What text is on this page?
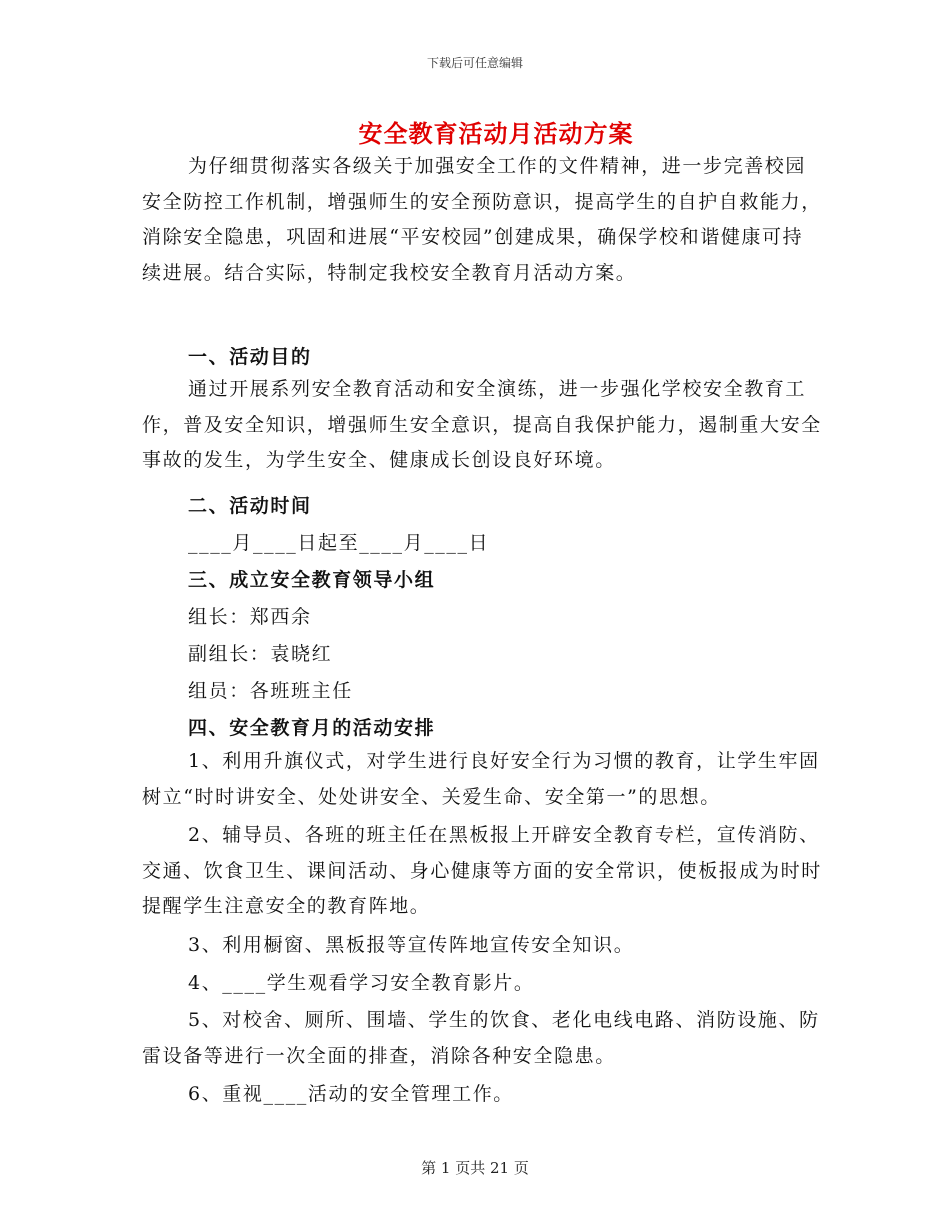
下载后可任意编辑
安全教育活动月活动方案

为仔细贯彻落实各级关于加强安全工作的文件精神，进一步完善校园安全防控工作机制，增强师生的安全预防意识，提高学生的自护自救能力，消除安全隐患，巩固和进展“平安校园”创建成果，确保学校和谐健康可持续进展。结合实际，特制定我校安全教育月活动方案。

一、活动目的

通过开展系列安全教育活动和安全演练，进一步强化学校安全教育工作，普及安全知识，增强师生安全意识，提高自我保护能力，遏制重大安全事故的发生，为学生安全、健康成长创设良好环境。

二、活动时间

____月____日起至____月____日

三、成立安全教育领导小组

组长：郑西余

副组长：袁晓红

组员：各班班主任

四、安全教育月的活动安排

1、利用升旗仪式，对学生进行良好安全行为习惯的教育，让学生牢固树立“时时讲安全、处处讲安全、关爱生命、安全第一”的思想。

2、辅导员、各班的班主任在黑板报上开辟安全教育专栏，宣传消防、交通、饮食卫生、课间活动、身心健康等方面的安全常识，使板报成为时时提醒学生注意安全的教育阵地。

3、利用橱窗、黑板报等宣传阵地宣传安全知识。

4、____学生观看学习安全教育影片。

5、对校舍、厕所、围墙、学生的饮食、老化电线电路、消防设施、防雷设备等进行一次全面的排查，消除各种安全隐患。

6、重视____活动的安全管理工作。

第 1 页共 21 页
